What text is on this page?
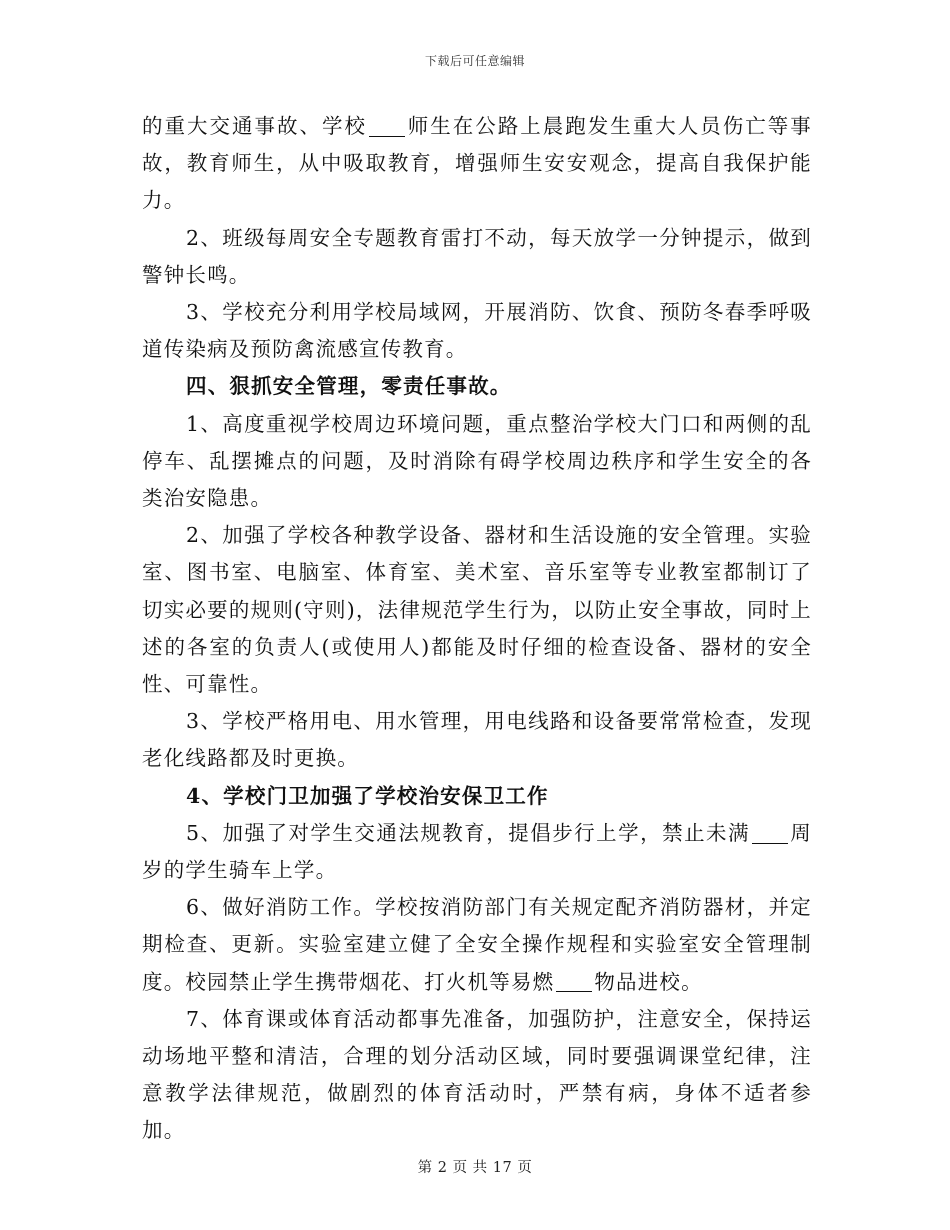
下载后可任意编辑

的重大交通事故、学校 师生在公路上晨跑发生重大人员伤亡等事故，教育师生，从中吸取教育，增强师生安安观念，提高自我保护能力。

2、班级每周安全专题教育雷打不动，每天放学一分钟提示，做到警钟长鸣。

3、学校充分利用学校局域网，开展消防、饮食、预防冬春季呼吸道传染病及预防禽流感宣传教育。

四、狠抓安全管理，零责任事故。

1、高度重视学校周边环境问题，重点整治学校大门口和两侧的乱停车、乱摆摊点的问题，及时消除有碍学校周边秩序和学生安全的各类治安隐患。

2、加强了学校各种教学设备、器材和生活设施的安全管理。实验室、图书室、电脑室、体育室、美术室、音乐室等专业教室都制订了切实必要的规则(守则)，法律规范学生行为，以防止安全事故，同时上述的各室的负责人(或使用人)都能及时仔细的检查设备、器材的安全性、可靠性。

3、学校严格用电、用水管理，用电线路和设备要常常检查，发现老化线路都及时更换。

4、学校门卫加强了学校治安保卫工作

5、加强了对学生交通法规教育，提倡步行上学，禁止未满 周岁的学生骑车上学。

6、做好消防工作。学校按消防部门有关规定配齐消防器材，并定期检查、更新。实验室建立健了全安全操作规程和实验室安全管理制度。校园禁止学生携带烟花、打火机等易燃 物品进校。

7、体育课或体育活动都事先准备，加强防护，注意安全，保持运动场地平整和清洁，合理的划分活动区域，同时要强调课堂纪律，注意教学法律规范，做剧烈的体育活动时，严禁有病，身体不适者参加。

第 2 页 共 17 页
